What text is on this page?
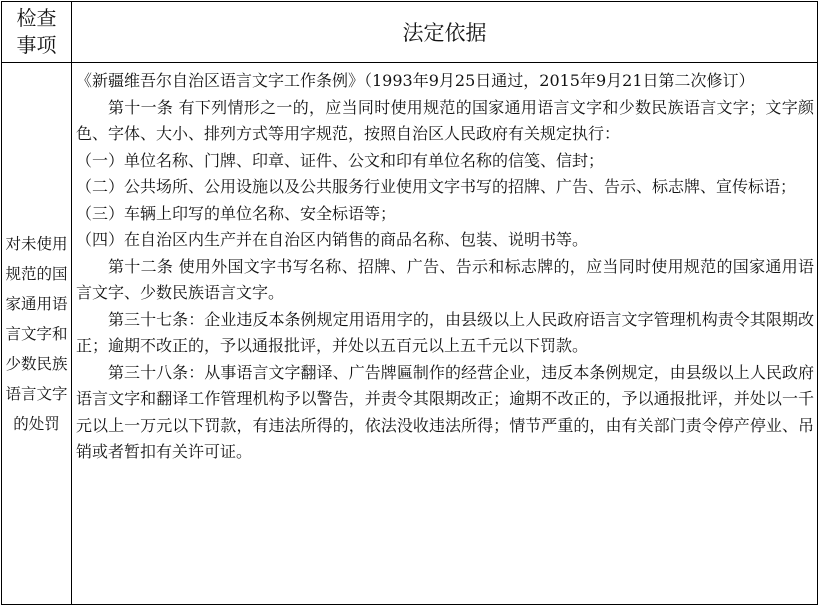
检查
事项	法定依据
对未使用规范的国家通用语言文字和少数民族语言文字的处罚

《新疆维吾尔自治区语言文字工作条例》（1993年9月25日通过，2015年9月21日第二次修订）

第十一条 有下列情形之一的，应当同时使用规范的国家通用语言文字和少数民族语言文字；文字颜色、字体、大小、排列方式等用字规范，按照自治区人民政府有关规定执行：

（一）单位名称、门牌、印章、证件、公文和印有单位名称的信笺、信封；

（二）公共场所、公用设施以及公共服务行业使用文字书写的招牌、广告、告示、标志牌、宣传标语；

（三）车辆上印写的单位名称、安全标语等；

（四）在自治区内生产并在自治区内销售的商品名称、包装、说明书等。

第十二条 使用外国文字书写名称、招牌、广告、告示和标志牌的，应当同时使用规范的国家通用语言文字、少数民族语言文字。

第三十七条：企业违反本条例规定用语用字的，由县级以上人民政府语言文字管理机构责令其限期改正；逾期不改正的，予以通报批评，并处以五百元以上五千元以下罚款。

第三十八条：从事语言文字翻译、广告牌匾制作的经营企业，违反本条例规定，由县级以上人民政府语言文字和翻译工作管理机构予以警告，并责令其限期改正；逾期不改正的，予以通报批评，并处以一千元以上一万元以下罚款，有违法所得的，依法没收违法所得；情节严重的，由有关部门责令停产停业、吊销或者暂扣有关许可证。
